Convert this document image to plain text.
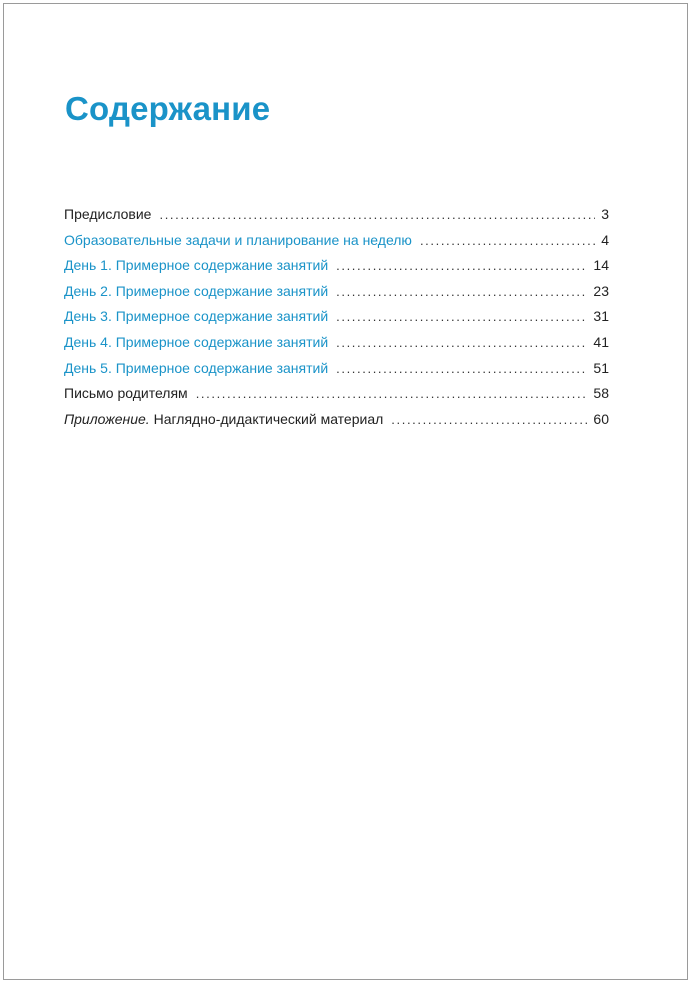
Содержание
Предисловие . . .	3
Образовательные задачи и планирование на неделю . . .	4
День 1. Примерное содержание занятий . . .	14
День 2. Примерное содержание занятий . . .	23
День 3. Примерное содержание занятий . . .	31
День 4. Примерное содержание занятий . . .	41
День 5. Примерное содержание занятий . . .	51
Письмо родителям . . .	58
Приложение. Наглядно-дидактический материал . . .	60
